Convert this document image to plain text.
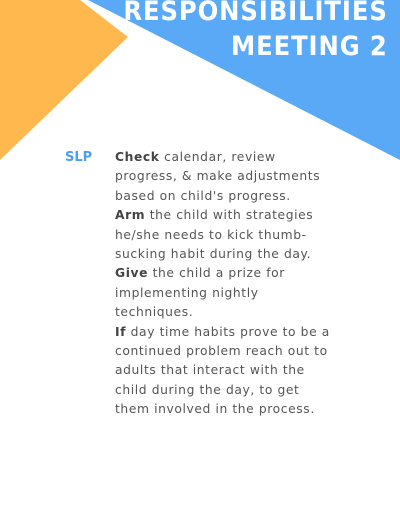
RESPONSIBILITIES
MEETING 2
SLP Check calendar, review progress, & make adjustments based on child's progress.
Arm the child with strategies he/she needs to kick thumb-sucking habit during the day.
Give the child a prize for implementing nightly techniques.
If day time habits prove to be a continued problem reach out to adults that interact with the child during the day, to get them involved in the process.
